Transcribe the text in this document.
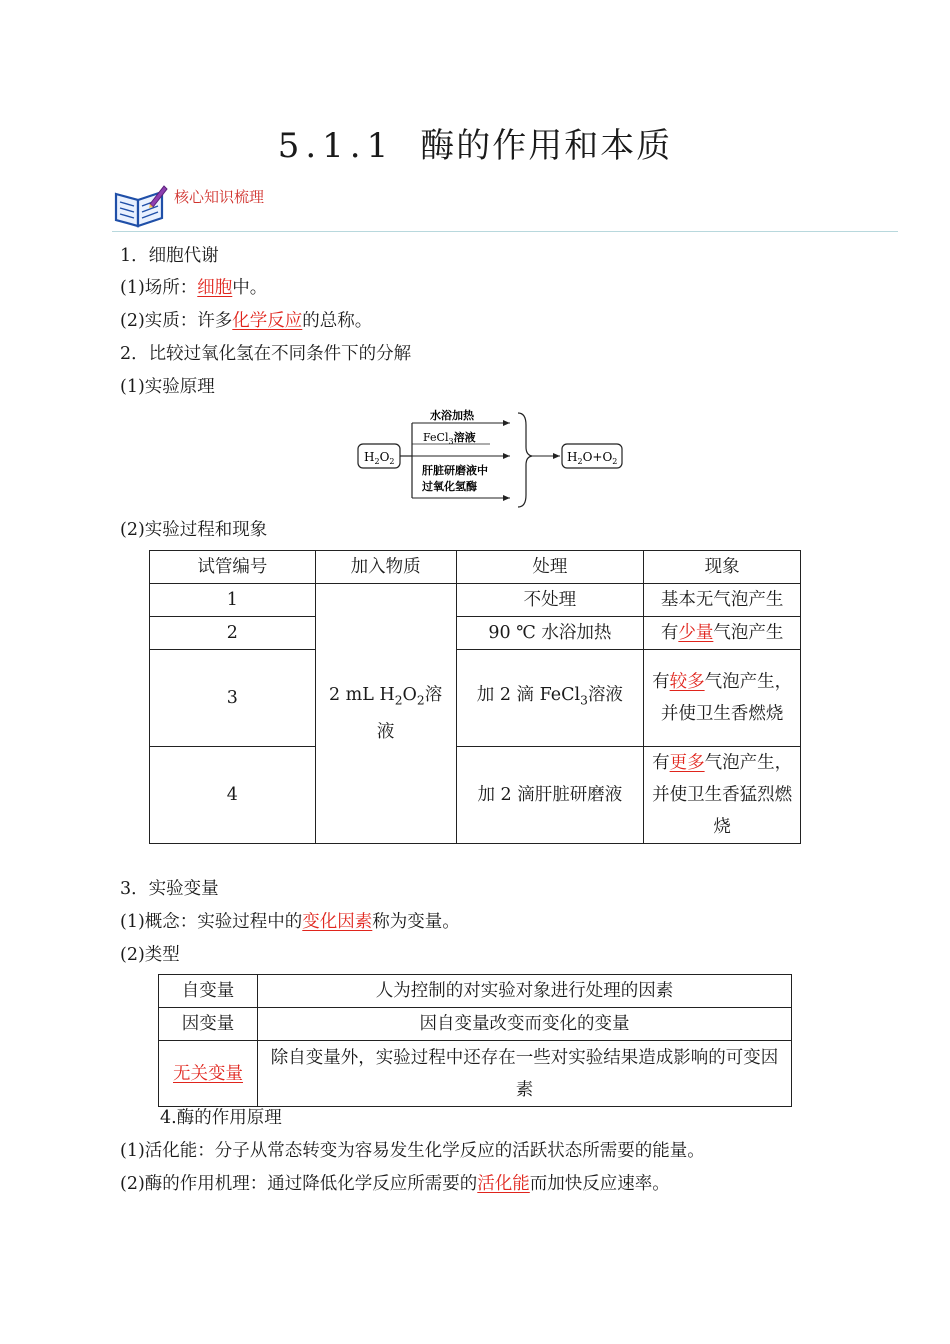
5.1.1 酶的作用和本质
核心知识梳理
1．细胞代谢
(1)场所：细胞中。
(2)实质：许多化学反应的总称。
2．比较过氧化氢在不同条件下的分解
(1)实验原理
$H_2O_2$
水浴加热
FeCl$_3$溶液
肝脏研磨液中
过氧化氢酶
$H_2O+O_2$
(2)实验过程和现象
试管编号	加入物质	处理	现象
1	2 mL $H_2O_2$溶液	不处理	基本无气泡产生
2		90 ℃ 水浴加热	有少量气泡产生
3		加 2 滴 FeCl$_3$溶液	有较多气泡产生，并使卫生香燃烧
4		加 2 滴肝脏研磨液	有更多气泡产生，并使卫生香猛烈燃烧
3．实验变量
(1)概念：实验过程中的变化因素称为变量。
(2)类型
自变量	人为控制的对实验对象进行处理的因素
因变量	因自变量改变而变化的变量
无关变量	除自变量外，实验过程中还存在一些对实验结果造成影响的可变因素
4.酶的作用原理
(1)活化能：分子从常态转变为容易发生化学反应的活跃状态所需要的能量。
(2)酶的作用机理：通过降低化学反应所需要的活化能而加快反应速率。
